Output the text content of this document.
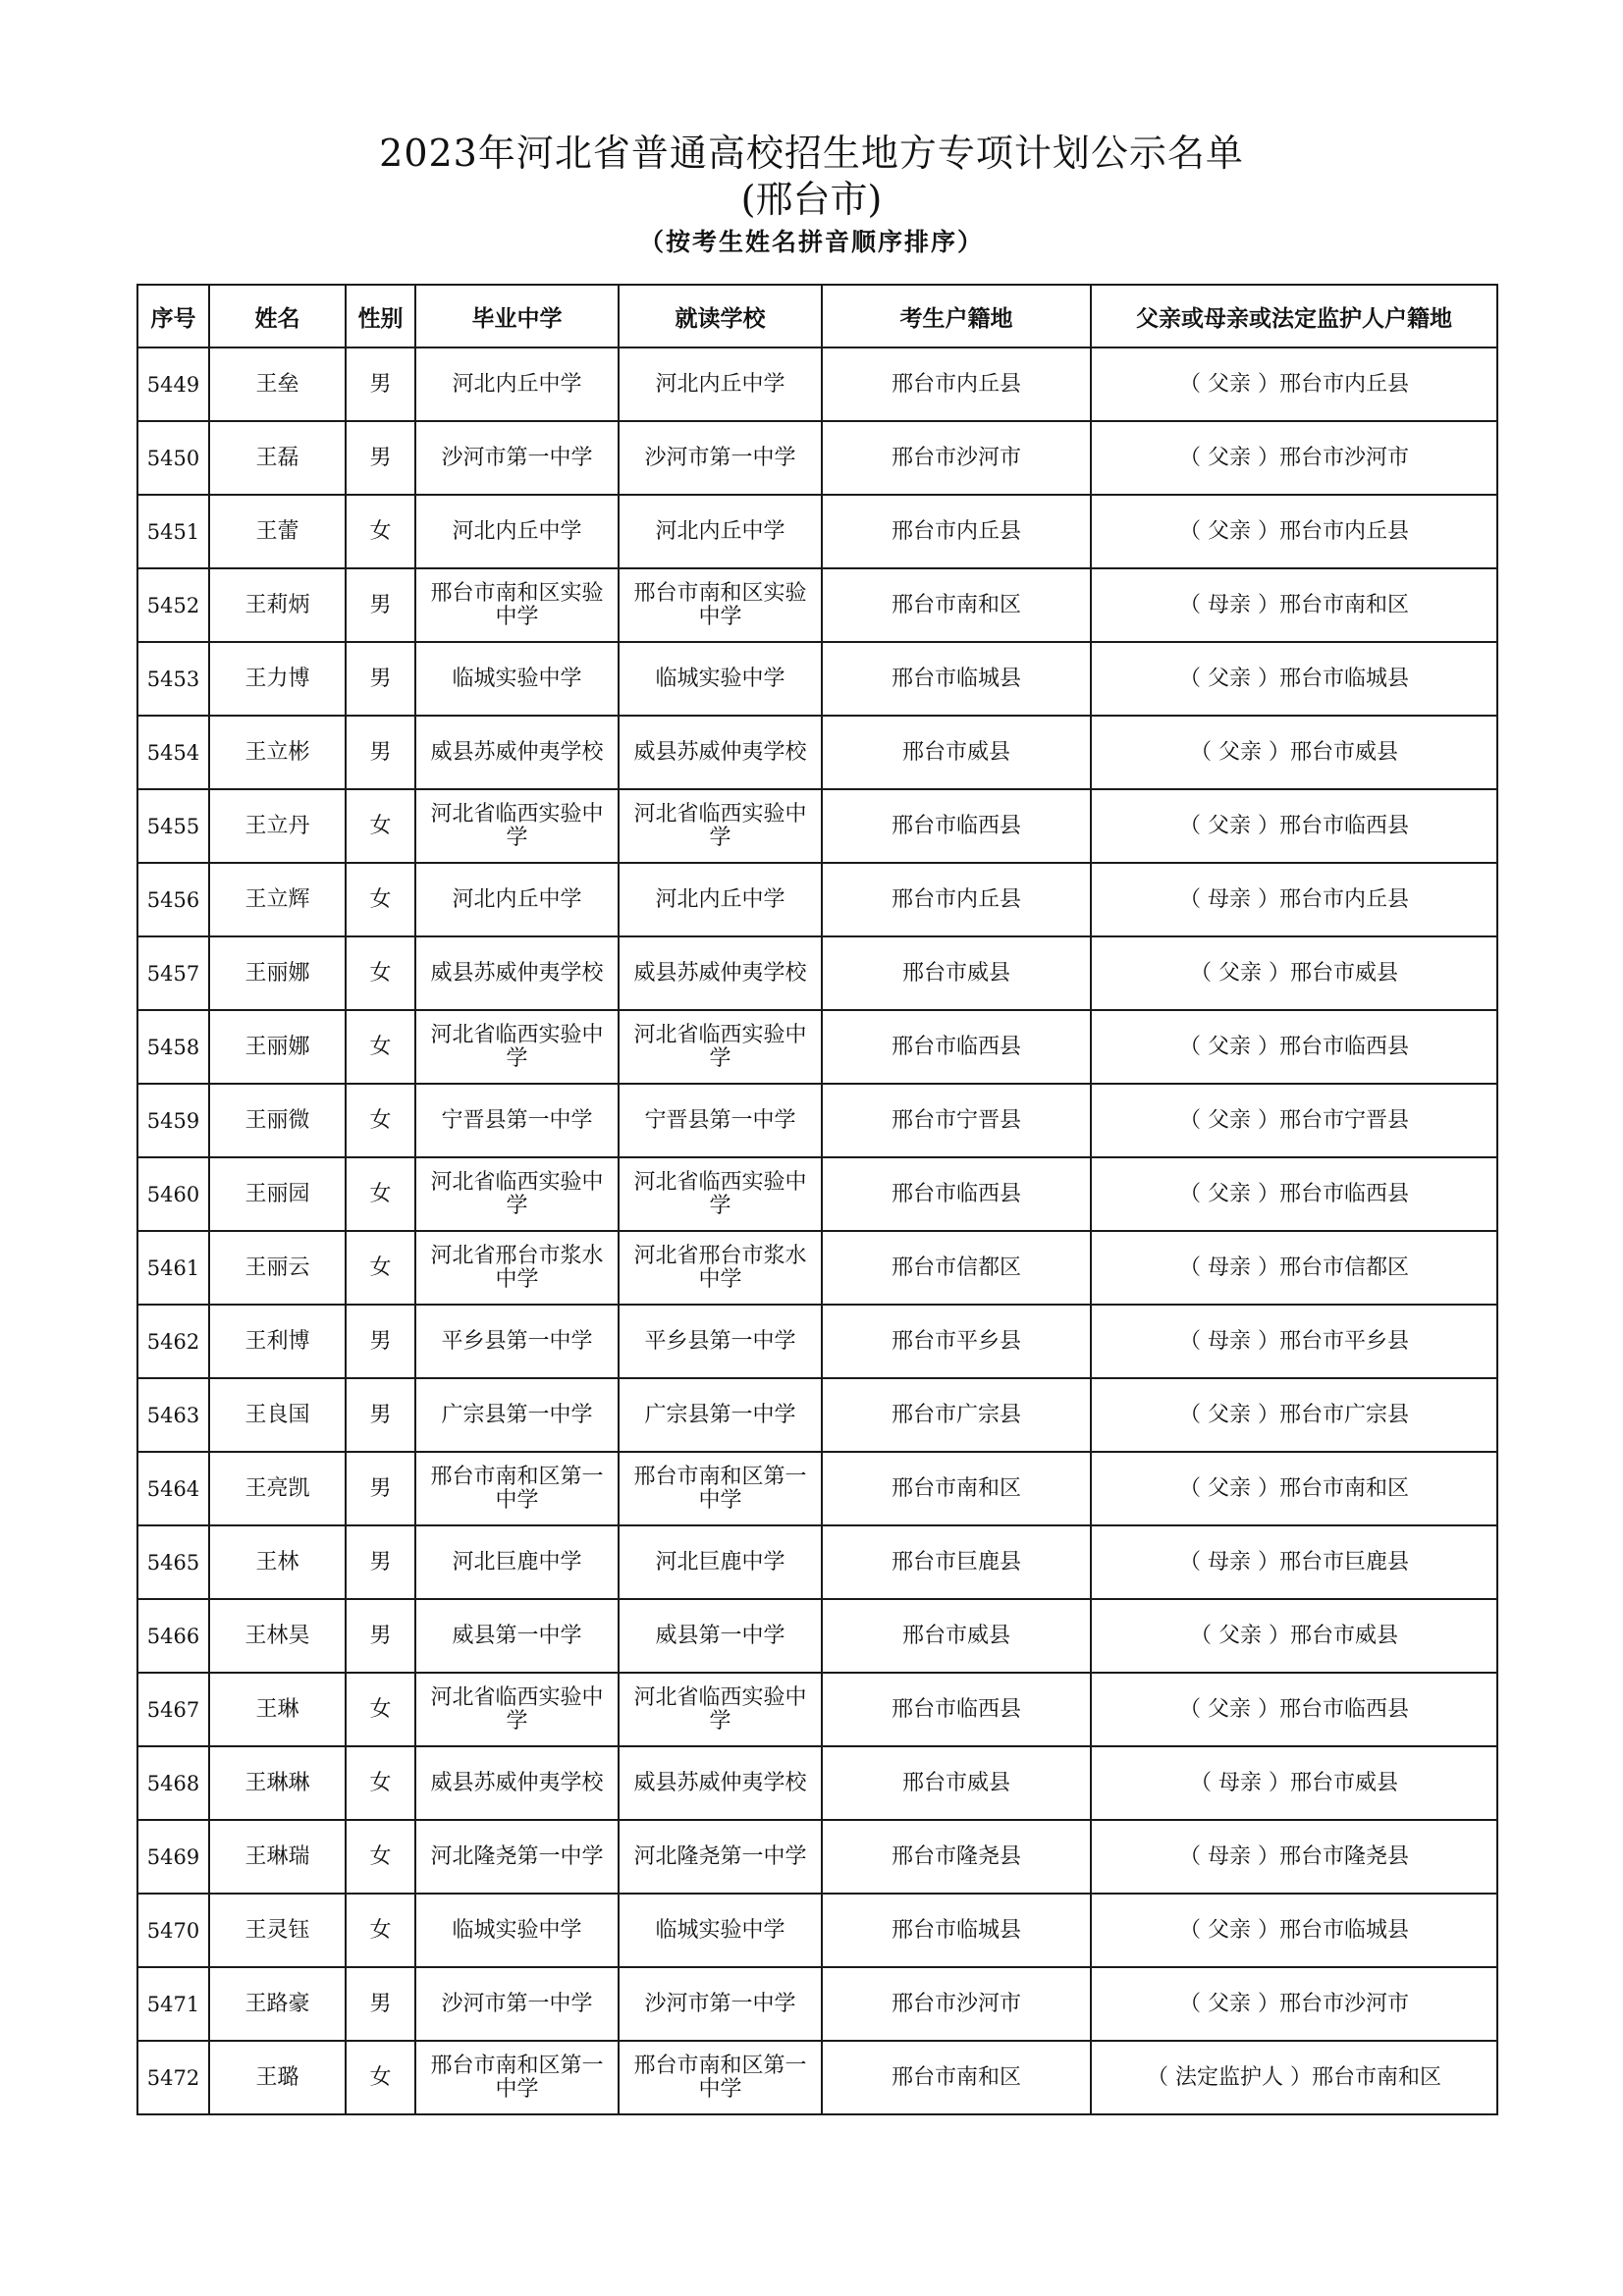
2023年河北省普通高校招生地方专项计划公示名单
(邢台市)
（按考生姓名拼音顺序排序）
序号	姓名	性别	毕业中学	就读学校	考生户籍地	父亲或母亲或法定监护人户籍地
5449	王垒	男	河北内丘中学	河北内丘中学	邢台市内丘县	（ 父亲 ）邢台市内丘县
5450	王磊	男	沙河市第一中学	沙河市第一中学	邢台市沙河市	（ 父亲 ）邢台市沙河市
5451	王蕾	女	河北内丘中学	河北内丘中学	邢台市内丘县	（ 父亲 ）邢台市内丘县
5452	王莉炳	男	邢台市南和区实验中学	邢台市南和区实验中学	邢台市南和区	（ 母亲 ）邢台市南和区
5453	王力博	男	临城实验中学	临城实验中学	邢台市临城县	（ 父亲 ）邢台市临城县
5454	王立彬	男	威县苏威仲夷学校	威县苏威仲夷学校	邢台市威县	（ 父亲 ）邢台市威县
5455	王立丹	女	河北省临西实验中学	河北省临西实验中学	邢台市临西县	（ 父亲 ）邢台市临西县
5456	王立辉	女	河北内丘中学	河北内丘中学	邢台市内丘县	（ 母亲 ）邢台市内丘县
5457	王丽娜	女	威县苏威仲夷学校	威县苏威仲夷学校	邢台市威县	（ 父亲 ）邢台市威县
5458	王丽娜	女	河北省临西实验中学	河北省临西实验中学	邢台市临西县	（ 父亲 ）邢台市临西县
5459	王丽微	女	宁晋县第一中学	宁晋县第一中学	邢台市宁晋县	（ 父亲 ）邢台市宁晋县
5460	王丽园	女	河北省临西实验中学	河北省临西实验中学	邢台市临西县	（ 父亲 ）邢台市临西县
5461	王丽云	女	河北省邢台市浆水中学	河北省邢台市浆水中学	邢台市信都区	（ 母亲 ）邢台市信都区
5462	王利博	男	平乡县第一中学	平乡县第一中学	邢台市平乡县	（ 母亲 ）邢台市平乡县
5463	王良国	男	广宗县第一中学	广宗县第一中学	邢台市广宗县	（ 父亲 ）邢台市广宗县
5464	王亮凯	男	邢台市南和区第一中学	邢台市南和区第一中学	邢台市南和区	（ 父亲 ）邢台市南和区
5465	王林	男	河北巨鹿中学	河北巨鹿中学	邢台市巨鹿县	（ 母亲 ）邢台市巨鹿县
5466	王林昊	男	威县第一中学	威县第一中学	邢台市威县	（ 父亲 ）邢台市威县
5467	王琳	女	河北省临西实验中学	河北省临西实验中学	邢台市临西县	（ 父亲 ）邢台市临西县
5468	王琳琳	女	威县苏威仲夷学校	威县苏威仲夷学校	邢台市威县	（ 母亲 ）邢台市威县
5469	王琳瑞	女	河北隆尧第一中学	河北隆尧第一中学	邢台市隆尧县	（ 母亲 ）邢台市隆尧县
5470	王灵钰	女	临城实验中学	临城实验中学	邢台市临城县	（ 父亲 ）邢台市临城县
5471	王路豪	男	沙河市第一中学	沙河市第一中学	邢台市沙河市	（ 父亲 ）邢台市沙河市
5472	王璐	女	邢台市南和区第一中学	邢台市南和区第一中学	邢台市南和区	（ 法定监护人 ）邢台市南和区
